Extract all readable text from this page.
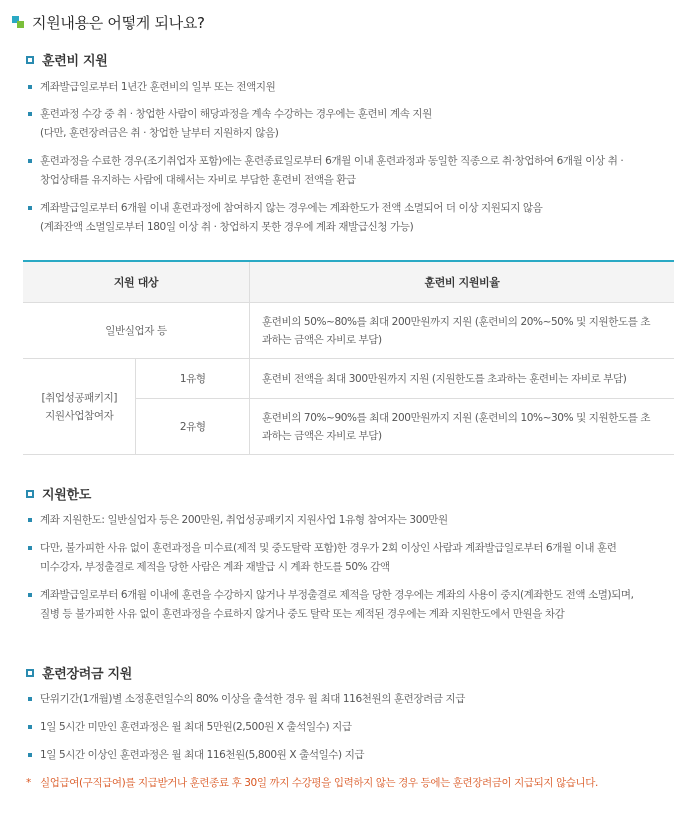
지원내용은 어떻게 되나요?
훈련비 지원
계좌발급일로부터 1년간 훈련비의 일부 또는 전액지원
훈련과정 수강 중 취 · 창업한 사람이 해당과정을 계속 수강하는 경우에는 훈련비 계속 지원
(다만, 훈련장려금은 취 · 창업한 날부터 지원하지 않음)
훈련과정을 수료한 경우(조기취업자 포함)에는 훈련종료일로부터 6개월 이내 훈련과정과 동일한 직종으로 취·창업하여 6개월 이상 취 ·
창업상태를 유지하는 사람에 대해서는 자비로 부담한 훈련비 전액을 환급
계좌발급일로부터 6개월 이내 훈련과정에 참여하지 않는 경우에는 계좌한도가 전액 소멸되어 더 이상 지원되지 않음
(계좌잔액 소멸일로부터 180일 이상 취 · 창업하지 못한 경우에 계좌 재발급신청 가능)
지원 대상		훈련비 지원비율
일반실업자 등		훈련비의 50%~80%를 최대 200만원까지 지원 (훈련비의 20%~50% 및 지원한도를 초
과하는 금액은 자비로 부담)

[취업성공패키지]
지원사업참여자	1유형	훈련비 전액을 최대 300만원까지 지원 (지원한도를 초과하는 훈련비는 자비로 부담)

	2유형	훈련비의 70%~90%를 최대 200만원까지 지원 (훈련비의 10%~30% 및 지원한도를 초
과하는 금액은 자비로 부담)
지원한도
계좌 지원한도: 일반실업자 등은 200만원, 취업성공패키지 지원사업 1유형 참여자는 300만원
다만, 불가피한 사유 없이 훈련과정을 미수료(제적 및 중도탈락 포함)한 경우가 2회 이상인 사람과 계좌발급일로부터 6개월 이내 훈련
미수강자, 부정출결로 제적을 당한 사람은 계좌 재발급 시 계좌 한도를 50% 감액
계좌발급일로부터 6개월 이내에 훈련을 수강하지 않거나 부정출결로 제적을 당한 경우에는 계좌의 사용이 중지(계좌한도 전액 소멸)되며,
질병 등 불가피한 사유 없이 훈련과정을 수료하지 않거나 중도 탈락 또는 제적된 경우에는 계좌 지원한도에서 만원을 차감
훈련장려금 지원
단위기간(1개월)별 소정훈련일수의 80% 이상을 출석한 경우 월 최대 116천원의 훈련장려금 지급
1일 5시간 미만인 훈련과정은 월 최대 5만원(2,500원 X 출석일수) 지급
1일 5시간 이상인 훈련과정은 월 최대 116천원(5,800원 X 출석일수) 지급
* 실업급여(구직급여)를 지급받거나 훈련종료 후 30일 까지 수강평을 입력하지 않는 경우 등에는 훈련장려금이 지급되지 않습니다.
